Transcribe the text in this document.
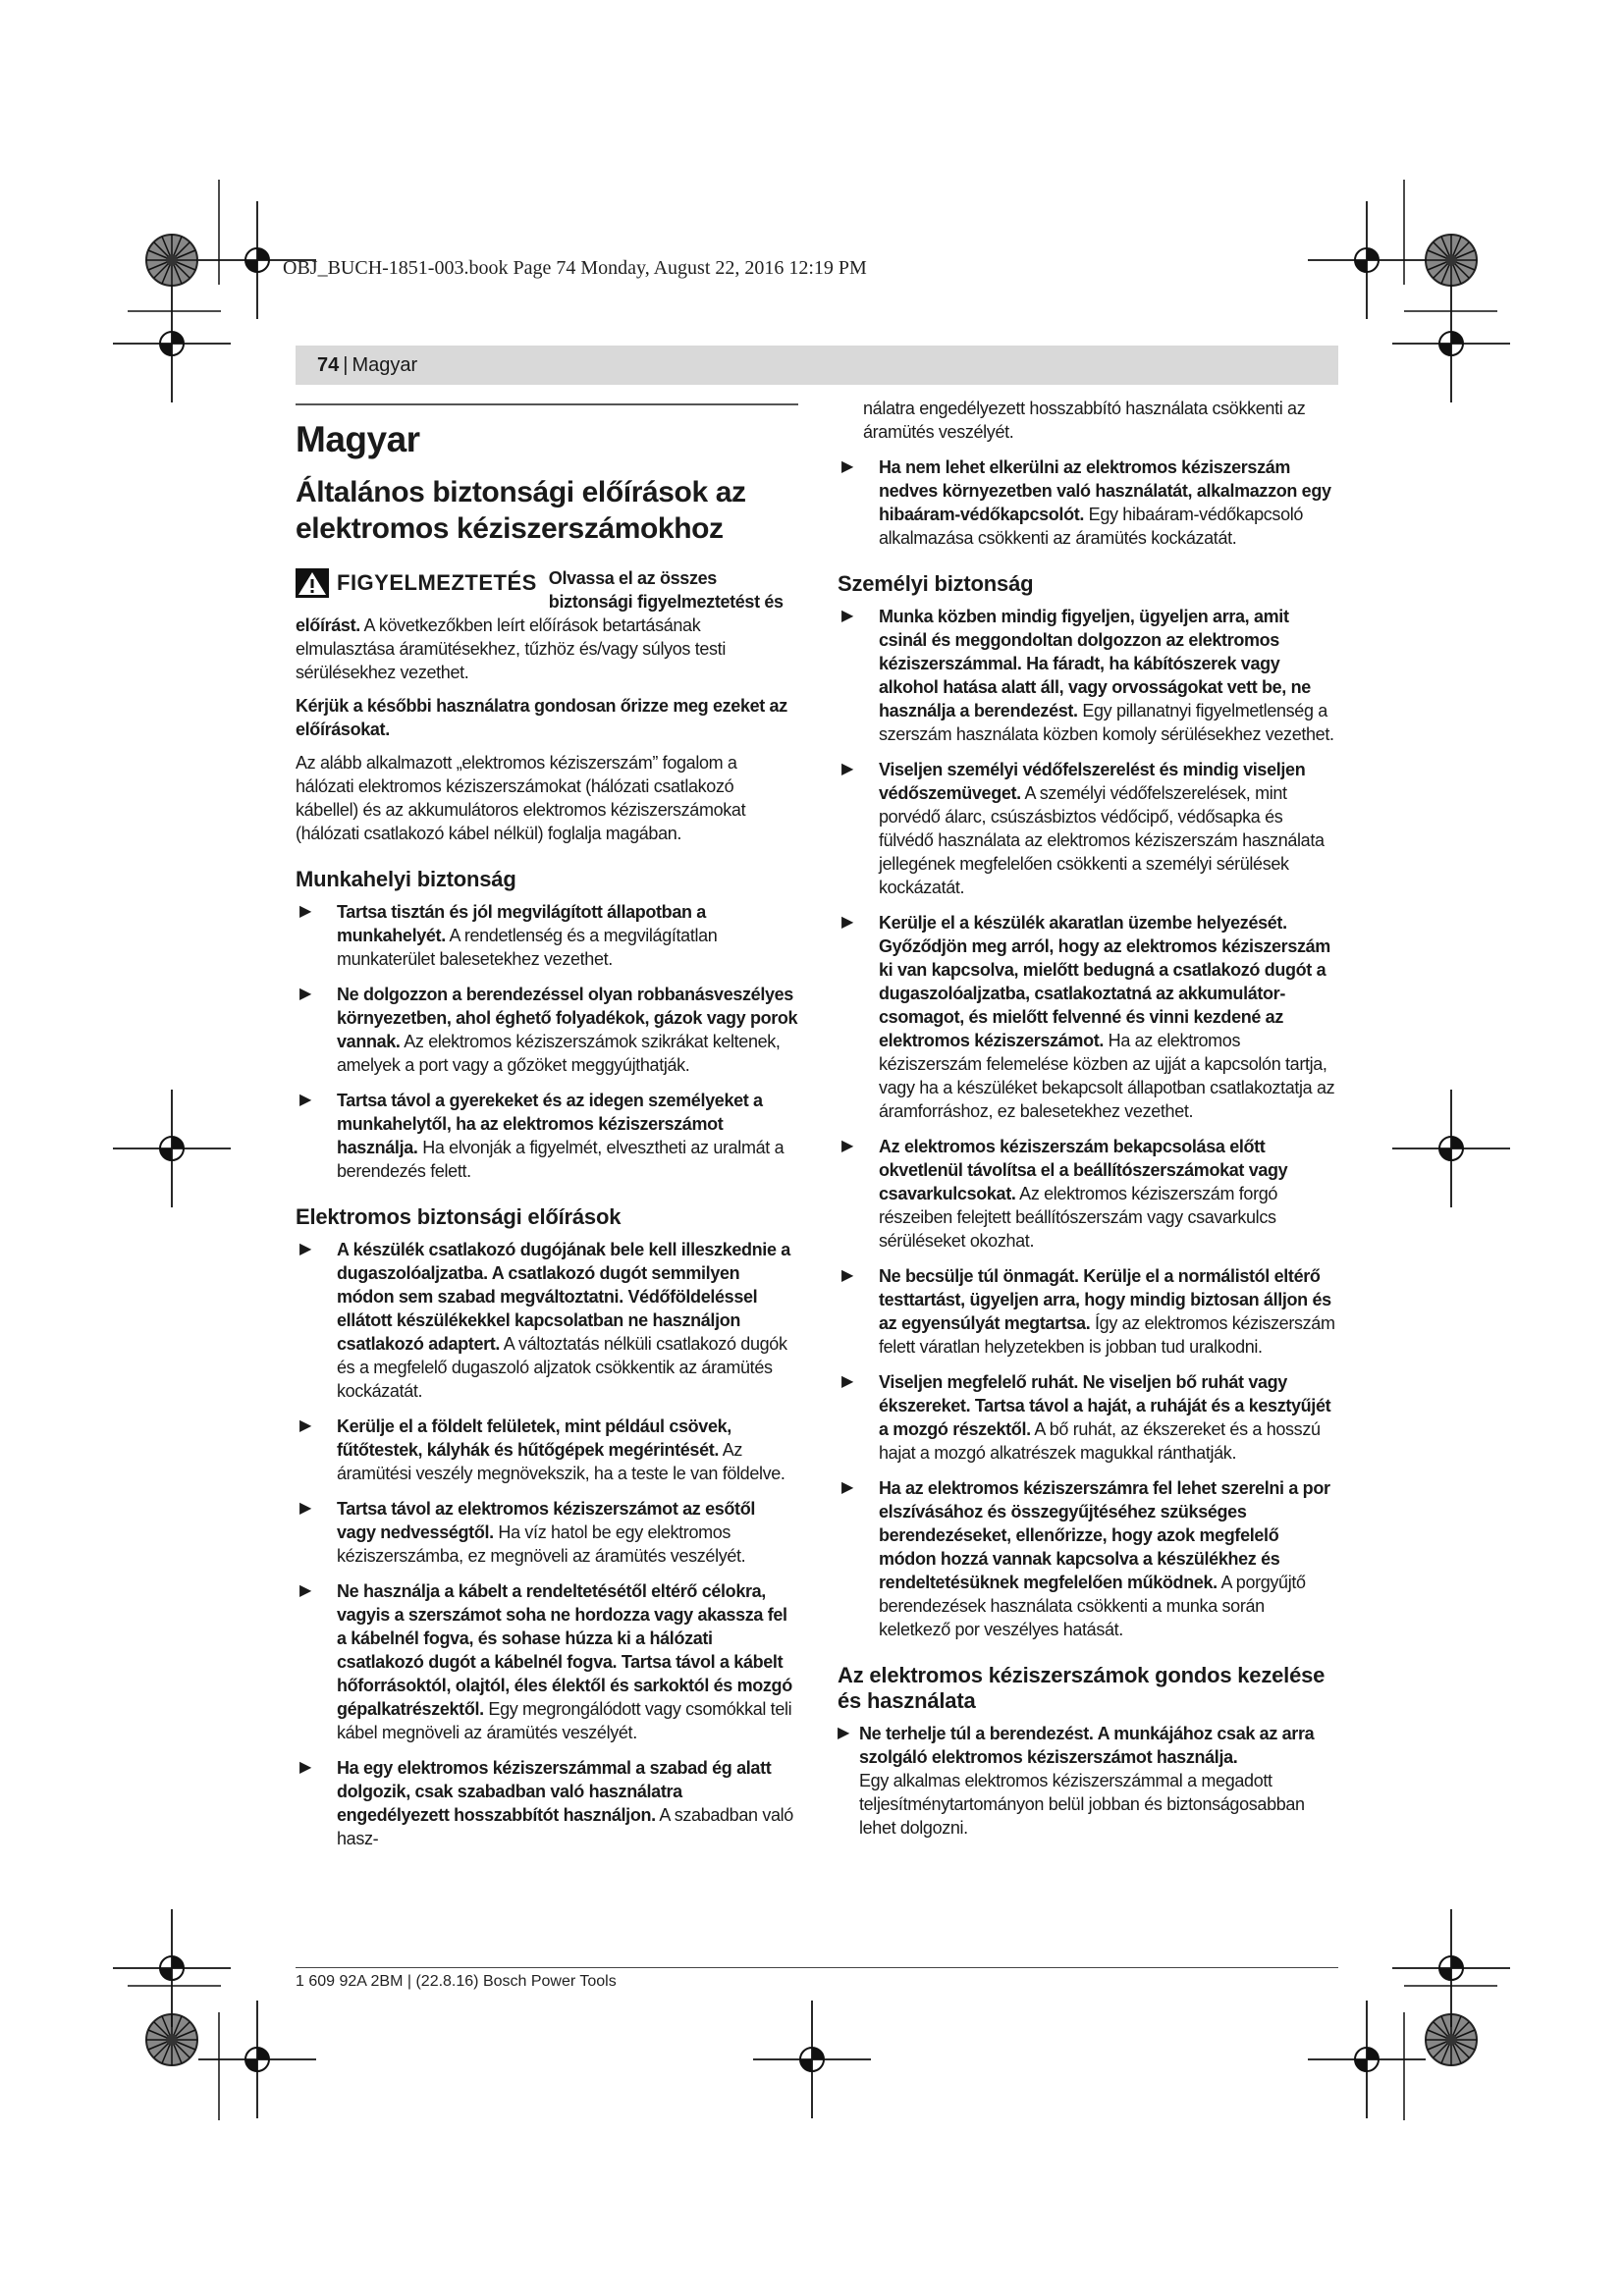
OBJ_BUCH-1851-003.book Page 74 Monday, August 22, 2016 12:19 PM
74 | Magyar
Magyar
Általános biztonsági előírások az elektromos kéziszerszámokhoz
FIGYELMEZTETÉS Olvassa el az összes biztonsági figyelmeztetést és előírást. A következőkben leírt előírások betartásának elmulasztása áramütésekhez, tűzhöz és/vagy súlyos testi sérülésekhez vezethet.

Kérjük a későbbi használatra gondosan őrizze meg ezeket az előírásokat.

Az alább alkalmazott „elektromos kéziszerszám” fogalom a hálózati elektromos kéziszerszámokat (hálózati csatlakozó kábellel) és az akkumulátoros elektromos kéziszerszámokat (hálózati csatlakozó kábel nélkül) foglalja magában.

Munkahelyi biztonság
▶ Tartsa tisztán és jól megvilágított állapotban a munkahelyét. A rendetlenség és a megvilágítatlan munkaterület balesetekhez vezethet.
▶ Ne dolgozzon a berendezéssel olyan robbanásveszélyes környezetben, ahol éghető folyadékok, gázok vagy porok vannak. Az elektromos kéziszerszámok szikrákat keltenek, amelyek a port vagy a gőzöket meggyújthatják.
▶ Tartsa távol a gyerekeket és az idegen személyeket a munkahelytől, ha az elektromos kéziszerszámot használja. Ha elvonják a figyelmét, elvesztheti az uralmát a berendezés felett.
Elektromos biztonsági előírások
▶ A készülék csatlakozó dugójának bele kell illeszkednie a dugaszolóaljzatba. A csatlakozó dugót semmilyen módon sem szabad megváltoztatni. Védőföldeléssel ellátott készülékekkel kapcsolatban ne használjon csatlakozó adaptert. A változtatás nélküli csatlakozó dugók és a megfelelő dugaszoló aljzatok csökkentik az áramütés kockázatát.
▶ Kerülje el a földelt felületek, mint például csövek, fűtőtestek, kályhák és hűtőgépek megérintését. Az áramütési veszély megnövekszik, ha a teste le van földelve.
▶ Tartsa távol az elektromos kéziszerszámot az esőtől vagy nedvességtől. Ha víz hatol be egy elektromos kéziszerszámba, ez megnöveli az áramütés veszélyét.
▶ Ne használja a kábelt a rendeltetésétől eltérő célokra, vagyis a szerszámot soha ne hordozza vagy akassza fel a kábelnél fogva, és sohase húzza ki a hálózati csatlakozó dugót a kábelnél fogva. Tartsa távol a kábelt hőforrásoktól, olajtól, éles élektől és sarkoktól és mozgó gépalkatrészektől. Egy megrongálódott vagy csomókkal teli kábel megnöveli az áramütés veszélyét.
▶ Ha egy elektromos kéziszerszámmal a szabad ég alatt dolgozik, csak szabadban való használatra engedélyezett hosszabbítót használjon. A szabadban való hasz-

nálatra engedélyezett hosszabbító használata csökkenti az áramütés veszélyét.

▶ Ha nem lehet elkerülni az elektromos kéziszerszám nedves környezetben való használatát, alkalmazzon egy hibaáram-védőkapcsolót. Egy hibaáram-védőkapcsoló alkalmazása csökkenti az áramütés kockázatát.
Személyi biztonság
▶ Munka közben mindig figyeljen, ügyeljen arra, amit csinál és meggondoltan dolgozzon az elektromos kéziszerszámmal. Ha fáradt, ha kábítószerek vagy alkohol hatása alatt áll, vagy orvosságokat vett be, ne használja a berendezést. Egy pillanatnyi figyelmetlenség a szerszám használata közben komoly sérülésekhez vezethet.
▶ Viseljen személyi védőfelszerelést és mindig viseljen védőszemüveget. A személyi védőfelszerelések, mint porvédő álarc, csúszásbiztos védőcipő, védősapka és fülvédő használata az elektromos kéziszerszám használata jellegének megfelelően csökkenti a személyi sérülések kockázatát.
▶ Kerülje el a készülék akaratlan üzembe helyezését. Győződjön meg arról, hogy az elektromos kéziszerszám ki van kapcsolva, mielőtt bedugná a csatlakozó dugót a dugaszolóaljzatba, csatlakoztatná az akkumulátor-csomagot, és mielőtt felvenné és vinni kezdené az elektromos kéziszerszámot. Ha az elektromos kéziszerszám felemelése közben az ujját a kapcsolón tartja, vagy ha a készüléket bekapcsolt állapotban csatlakoztatja az áramforráshoz, ez balesetekhez vezethet.
▶ Az elektromos kéziszerszám bekapcsolása előtt okvetlenül távolítsa el a beállítószerszámokat vagy csavarkulcsokat. Az elektromos kéziszerszám forgó részeiben felejtett beállítószerszám vagy csavarkulcs sérüléseket okozhat.
▶ Ne becsülje túl önmagát. Kerülje el a normálistól eltérő testtartást, ügyeljen arra, hogy mindig biztosan álljon és az egyensúlyát megtartsa. Így az elektromos kéziszerszám felett váratlan helyzetekben is jobban tud uralkodni.
▶ Viseljen megfelelő ruhát. Ne viseljen bő ruhát vagy ékszereket. Tartsa távol a haját, a ruháját és a kesztyűjét a mozgó részektől. A bő ruhát, az ékszereket és a hosszú hajat a mozgó alkatrészek magukkal ránthatják.
▶ Ha az elektromos kéziszerszámra fel lehet szerelni a por elszívásához és összegyűjtéséhez szükséges berendezéseket, ellenőrizze, hogy azok megfelelő módon hozzá vannak kapcsolva a készülékhez és rendeltetésüknek megfelelően működnek. A porgyűjtő berendezések használata csökkenti a munka során keletkező por veszélyes hatását.
Az elektromos kéziszerszámok gondos kezelése és használata
▶ Ne terhelje túl a berendezést. A munkájához csak az arra szolgáló elektromos kéziszerszámot használja.
Egy alkalmas elektromos kéziszerszámmal a megadott teljesítménytartományon belül jobban és biztonságosabban lehet dolgozni.
1 609 92A 2BM | (22.8.16) Bosch Power Tools
